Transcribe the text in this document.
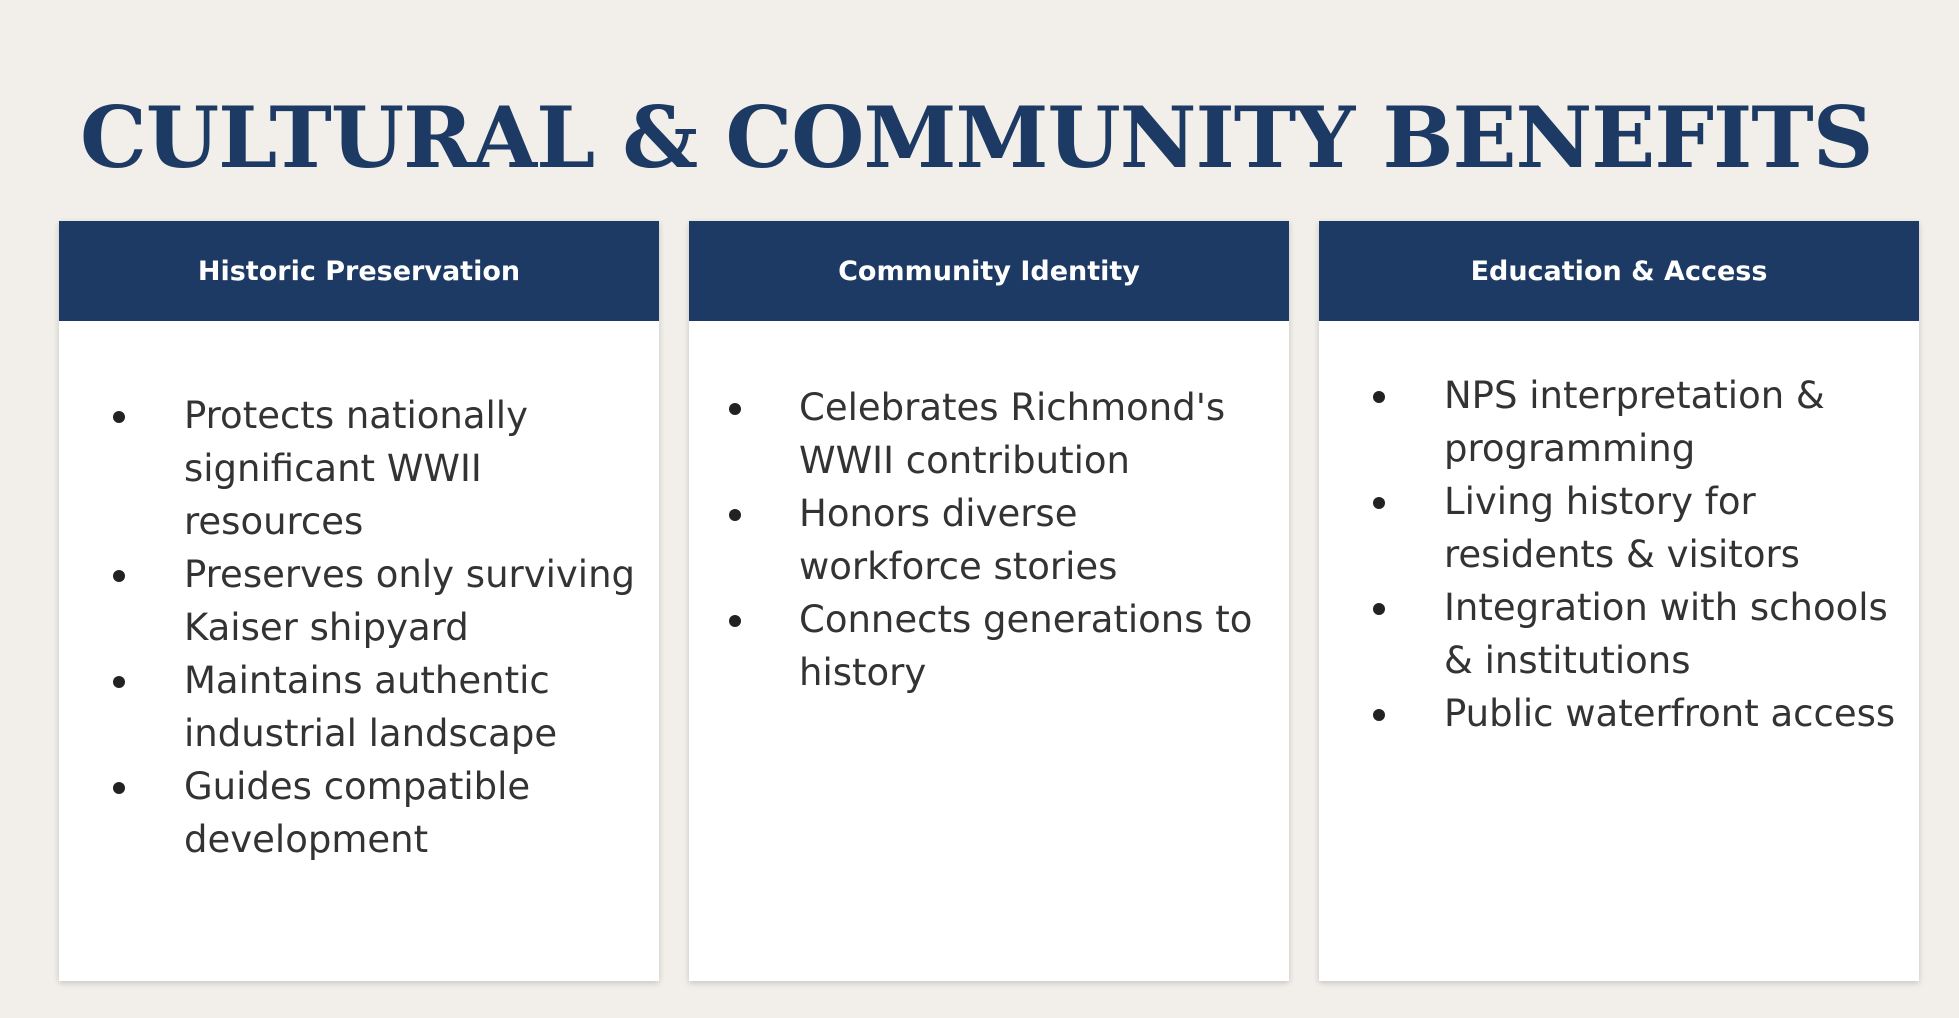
CULTURAL & COMMUNITY BENEFITS
Historic Preservation
Protects nationally significant WWII resources
Preserves only surviving Kaiser shipyard
Maintains authentic industrial landscape
Guides compatible development
Community Identity
Celebrates Richmond's WWII contribution
Honors diverse workforce stories
Connects generations to history
Education & Access
NPS interpretation & programming
Living history for residents & visitors
Integration with schools & institutions
Public waterfront access
